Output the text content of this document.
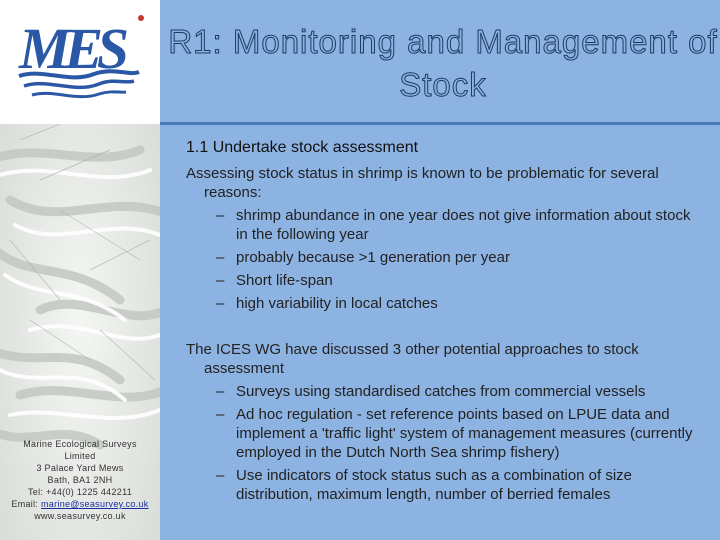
MES
Marine Ecological Surveys
Limited
3 Palace Yard Mews
Bath, BA1 2NH
Tel: +44(0) 1225 442211
Email: marine@seasurvey.co.uk
www.seasurvey.co.uk
R1: Monitoring and Management of Stock
1.1 Undertake stock assessment

Assessing stock status in shrimp is known to be problematic for several reasons:

– shrimp abundance in one year does not give information about stock in the following year
– probably because >1 generation per year
– Short life-span
– high variability in local catches

The ICES WG have discussed 3 other potential approaches to stock assessment

– Surveys using standardised catches from commercial vessels
– Ad hoc regulation - set reference points based on LPUE data and implement a 'traffic light' system of management measures (currently employed in the Dutch North Sea shrimp fishery)
– Use indicators of stock status such as a combination of size distribution, maximum length, number of berried females
